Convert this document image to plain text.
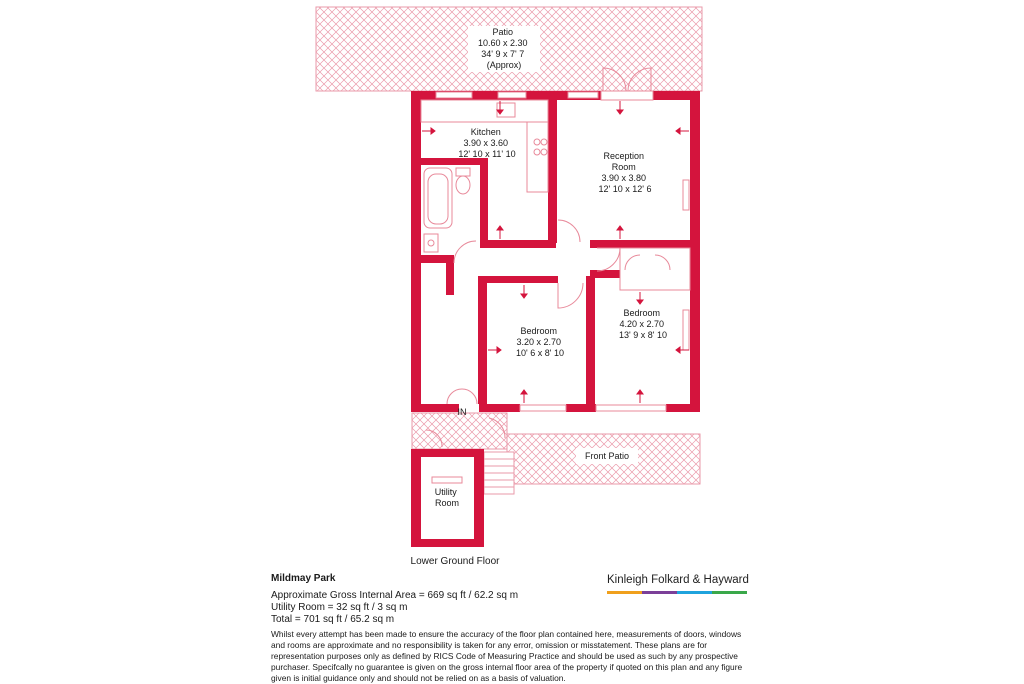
Patio 10.60 x 2.30 34' 9 x 7' 7 (Approx)
Kitchen 3.90 x 3.60 12' 10 x 11' 10	Reception Room 3.90 x 3.80 12' 10 x 12' 6
Bedroom 4.20 x 2.70 13' 9 x 8' 10
Bedroom 3.20 x 2.70 10' 6 x 8' 10
Front Patio
Utility Room
IN
Lower Ground Floor
Mildmay Park
Approximate Gross Internal Area = 669 sq ft / 62.2 sq m
Utility Room = 32 sq ft / 3 sq m
Total = 701 sq ft / 65.2 sq m
Whilst every attempt has been made to ensure the accuracy of the floor plan contained here, measurements of doors, windows and rooms are approximate and no responsibility is taken for any error, omission or misstatement. These plans are for representation purposes only as defined by RICS Code of Measuring Practice and should be used as such by any prospective purchaser. Specifcally no guarantee is given on the gross internal floor area of the property if quoted on this plan and any figure given is initial guidance only and should not be relied on as a basis of valuation.
Kinleigh Folkard & Hayward
